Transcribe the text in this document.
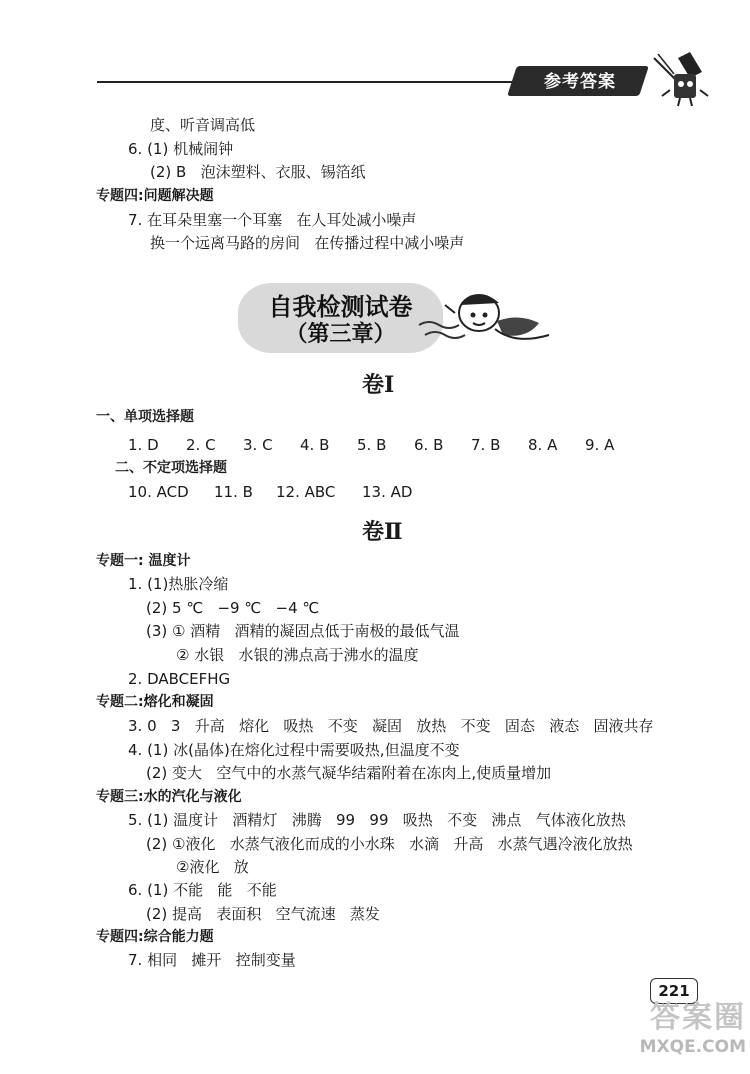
参考答案
度、听音调高低
6. (1) 机械闹钟
(2) B   泡沫塑料、衣服、锡箔纸
专题四:问题解决题
7. 在耳朵里塞一个耳塞   在人耳处减小噪声
换一个远离马路的房间   在传播过程中减小噪声
自我检测试卷
（第三章）
卷Ⅰ
一、单项选择题
1. D 2. C 3. C 4. B 5. B 6. B 7. B 8. A 9. A
二、不定项选择题
10. ACD 11. B 12. ABC 13. AD
卷Ⅱ
专题一: 温度计
1. (1)热胀冷缩
(2) 5 ℃   −9 ℃   −4 ℃
(3) ① 酒精   酒精的凝固点低于南极的最低气温
② 水银   水银的沸点高于沸水的温度
2. DABCEFHG
专题二:熔化和凝固
3. 0   3   升高   熔化   吸热   不变   凝固   放热   不变   固态   液态   固液共存
4. (1) 冰(晶体)在熔化过程中需要吸热,但温度不变
(2) 变大   空气中的水蒸气凝华结霜附着在冻肉上,使质量增加
专题三:水的汽化与液化
5. (1) 温度计   酒精灯   沸腾   99   99   吸热   不变   沸点   气体液化放热
(2) ①液化   水蒸气液化而成的小水珠   水滴   升高   水蒸气遇冷液化放热
②液化   放
6. (1) 不能   能   不能
(2) 提高   表面积   空气流速   蒸发
专题四:综合能力题
7. 相同   摊开   控制变量
221
答案圈
MXQE.COM
